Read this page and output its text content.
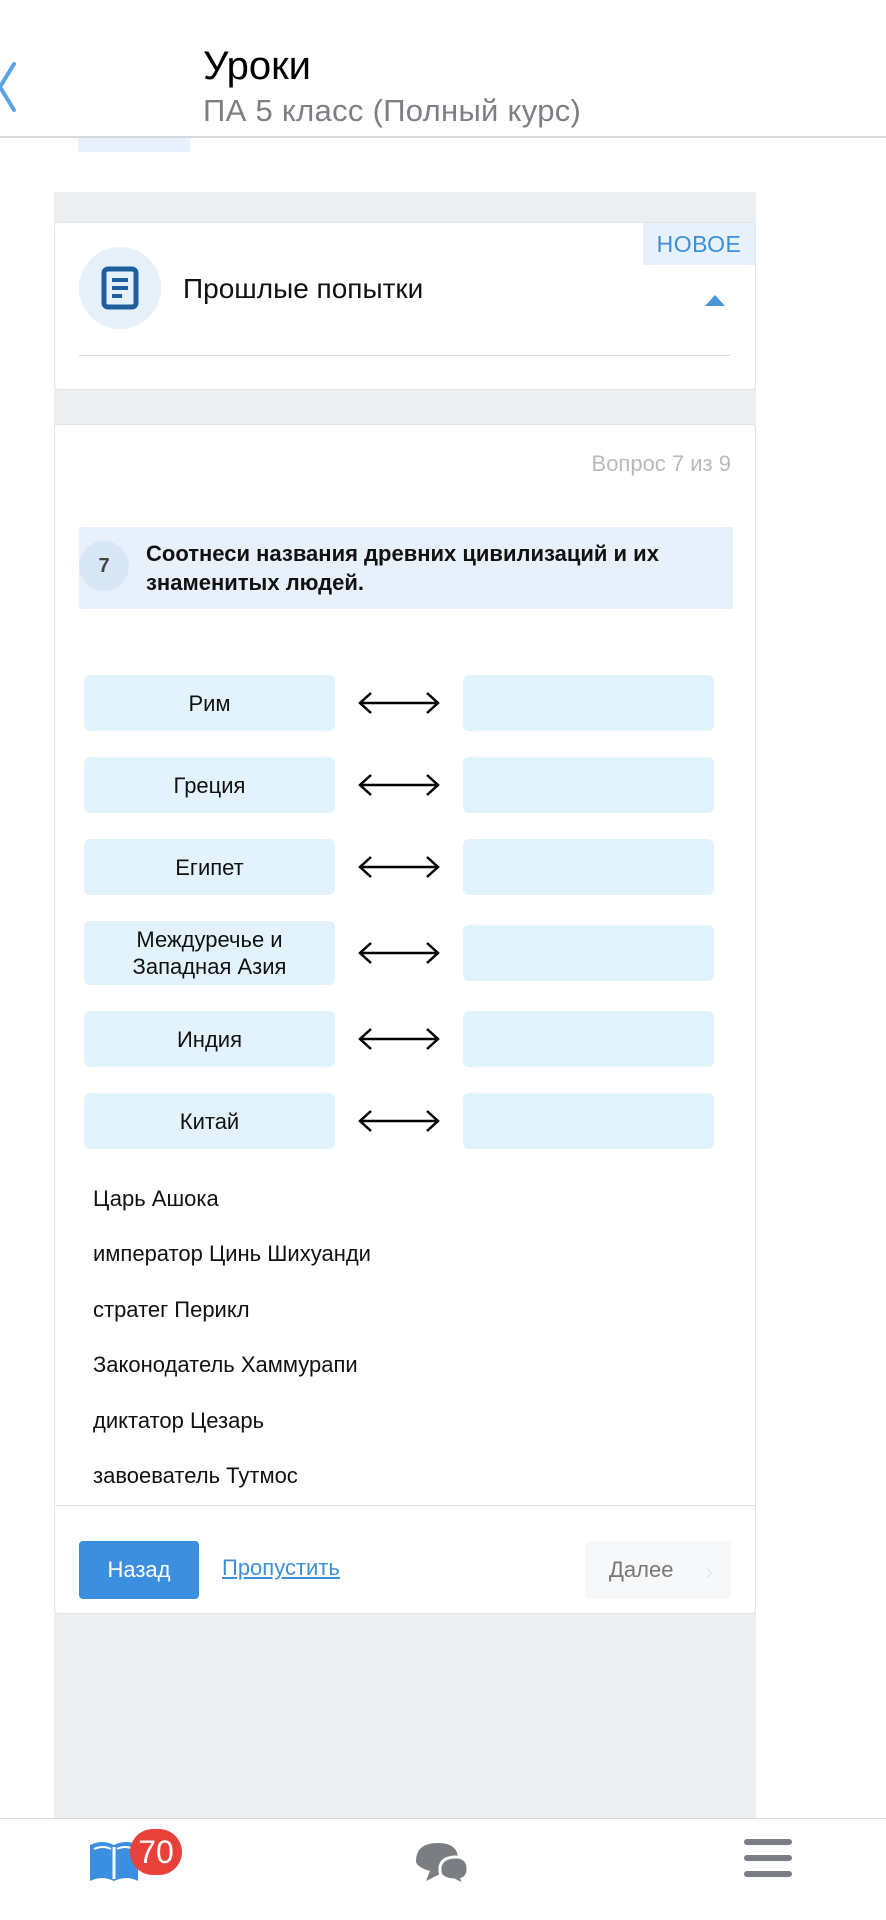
Уроки
ПА 5 класс (Полный курс)
НОВОЕ
Прошлые попытки
Вопрос 7 из 9
7	Соотнеси названия древних цивилизаций и их знаменитых людей.
Рим
Греция
Египет
Междуречье и Западная Азия
Индия
Китай
Царь Ашока
император Цинь Шихуанди
стратег Перикл
Законодатель Хаммурапи
диктатор Цезарь
завоеватель Тутмос
Назад	Пропустить	Далее ›
70
